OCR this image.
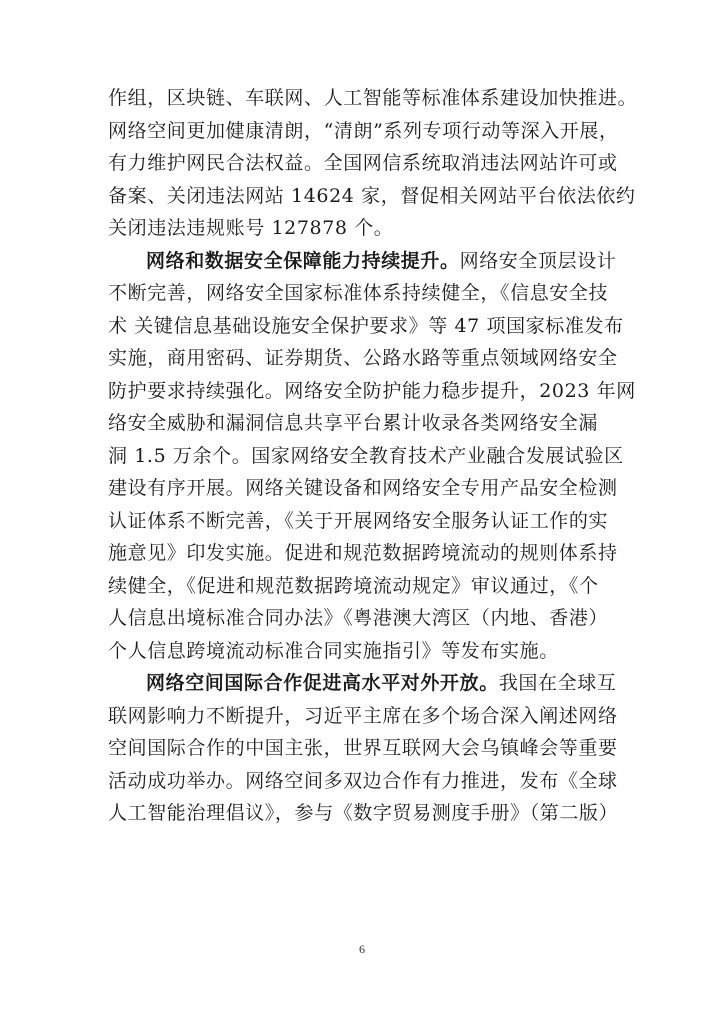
作组，区块链、车联网、人工智能等标准体系建设加快推进。
网络空间更加健康清朗，“清朗”系列专项行动等深入开展，
有力维护网民合法权益。全国网信系统取消违法网站许可或
备案、关闭违法网站 14624 家，督促相关网站平台依法依约
关闭违法违规账号 127878 个。
网络和数据安全保障能力持续提升。网络安全顶层设计
不断完善，网络安全国家标准体系持续健全，《信息安全技
术 关键信息基础设施安全保护要求》等 47 项国家标准发布
实施，商用密码、证券期货、公路水路等重点领域网络安全
防护要求持续强化。网络安全防护能力稳步提升，2023 年网
络安全威胁和漏洞信息共享平台累计收录各类网络安全漏
洞 1.5 万余个。国家网络安全教育技术产业融合发展试验区
建设有序开展。网络关键设备和网络安全专用产品安全检测
认证体系不断完善，《关于开展网络安全服务认证工作的实
施意见》印发实施。促进和规范数据跨境流动的规则体系持
续健全，《促进和规范数据跨境流动规定》审议通过，《个
人信息出境标准合同办法》《粤港澳大湾区（内地、香港）
个人信息跨境流动标准合同实施指引》等发布实施。
网络空间国际合作促进高水平对外开放。我国在全球互
联网影响力不断提升，习近平主席在多个场合深入阐述网络
空间国际合作的中国主张，世界互联网大会乌镇峰会等重要
活动成功举办。网络空间多双边合作有力推进，发布《全球
人工智能治理倡议》，参与《数字贸易测度手册》（第二版）
6
